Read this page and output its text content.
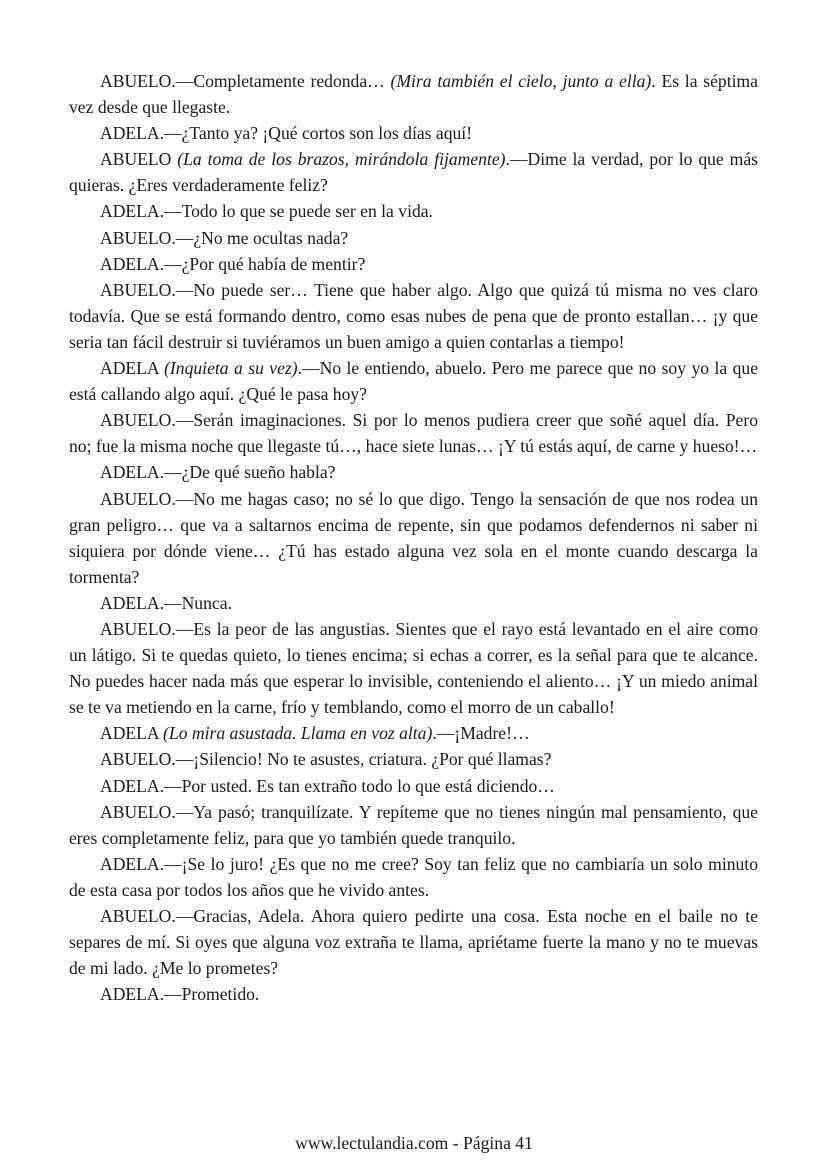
ABUELO.—Completamente redonda… (Mira también el cielo, junto a ella). Es la séptima vez desde que llegaste.

ADELA.—¿Tanto ya? ¡Qué cortos son los días aquí!

ABUELO (La toma de los brazos, mirándola fijamente).—Dime la verdad, por lo que más quieras. ¿Eres verdaderamente feliz?

ADELA.—Todo lo que se puede ser en la vida.

ABUELO.—¿No me ocultas nada?

ADELA.—¿Por qué había de mentir?

ABUELO.—No puede ser… Tiene que haber algo. Algo que quizá tú misma no ves claro todavía. Que se está formando dentro, como esas nubes de pena que de pronto estallan… ¡y que seria tan fácil destruir si tuviéramos un buen amigo a quien contarlas a tiempo!

ADELA (Inquieta a su vez).—No le entiendo, abuelo. Pero me parece que no soy yo la que está callando algo aquí. ¿Qué le pasa hoy?

ABUELO.—Serán imaginaciones. Si por lo menos pudiera creer que soñé aquel día. Pero no; fue la misma noche que llegaste tú…, hace siete lunas… ¡Y tú estás aquí, de carne y hueso!…

ADELA.—¿De qué sueño habla?

ABUELO.—No me hagas caso; no sé lo que digo. Tengo la sensación de que nos rodea un gran peligro… que va a saltarnos encima de repente, sin que podamos defendernos ni saber ni siquiera por dónde viene… ¿Tú has estado alguna vez sola en el monte cuando descarga la tormenta?

ADELA.—Nunca.

ABUELO.—Es la peor de las angustias. Sientes que el rayo está levantado en el aire como un látigo. Si te quedas quieto, lo tienes encima; si echas a correr, es la señal para que te alcance. No puedes hacer nada más que esperar lo invisible, conteniendo el aliento… ¡Y un miedo animal se te va metiendo en la carne, frío y temblando, como el morro de un caballo!

ADELA (Lo mira asustada. Llama en voz alta).—¡Madre!…

ABUELO.—¡Silencio! No te asustes, criatura. ¿Por qué llamas?

ADELA.—Por usted. Es tan extraño todo lo que está diciendo…

ABUELO.—Ya pasó; tranquilízate. Y repíteme que no tienes ningún mal pensamiento, que eres completamente feliz, para que yo también quede tranquilo.

ADELA.—¡Se lo juro! ¿Es que no me cree? Soy tan feliz que no cambiaría un solo minuto de esta casa por todos los años que he vivido antes.

ABUELO.—Gracias, Adela. Ahora quiero pedirte una cosa. Esta noche en el baile no te separes de mí. Si oyes que alguna voz extraña te llama, apriétame fuerte la mano y no te muevas de mi lado. ¿Me lo prometes?

ADELA.—Prometido.

www.lectulandia.com - Página 41
